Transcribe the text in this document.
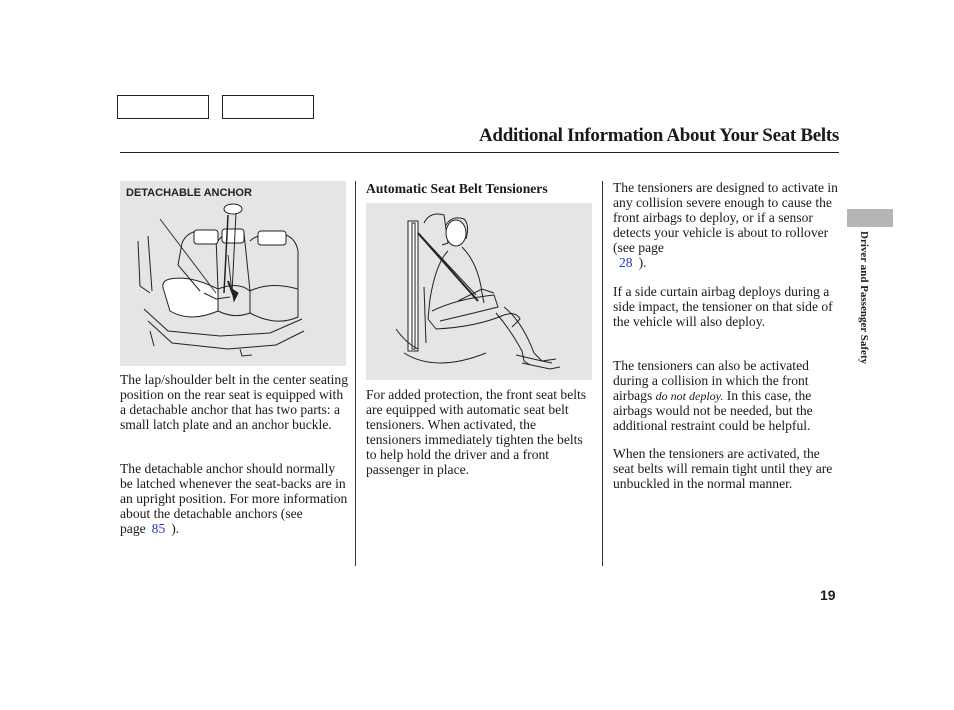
Additional Information About Your Seat Belts
DETACHABLE ANCHOR

The lap/shoulder belt in the center seating position on the rear seat is equipped with a detachable anchor that has two parts: a small latch plate and an anchor buckle.

The detachable anchor should normally be latched whenever the seat-backs are in an upright position. For more information about the detachable anchors (see page 85 ).

Automatic Seat Belt Tensioners

For added protection, the front seat belts are equipped with automatic seat belt tensioners. When activated, the tensioners immediately tighten the belts to help hold the driver and a front passenger in place.

The tensioners are designed to activate in any collision severe enough to cause the front airbags to deploy, or if a sensor detects your vehicle is about to rollover (see page
28 ).

If a side curtain airbag deploys during a side impact, the tensioner on that side of the vehicle will also deploy.

The tensioners can also be activated during a collision in which the front airbags do not deploy. In this case, the airbags would not be needed, but the additional restraint could be helpful.

When the tensioners are activated, the seat belts will remain tight until they are unbuckled in the normal manner.

Driver and Passenger Safety
19
